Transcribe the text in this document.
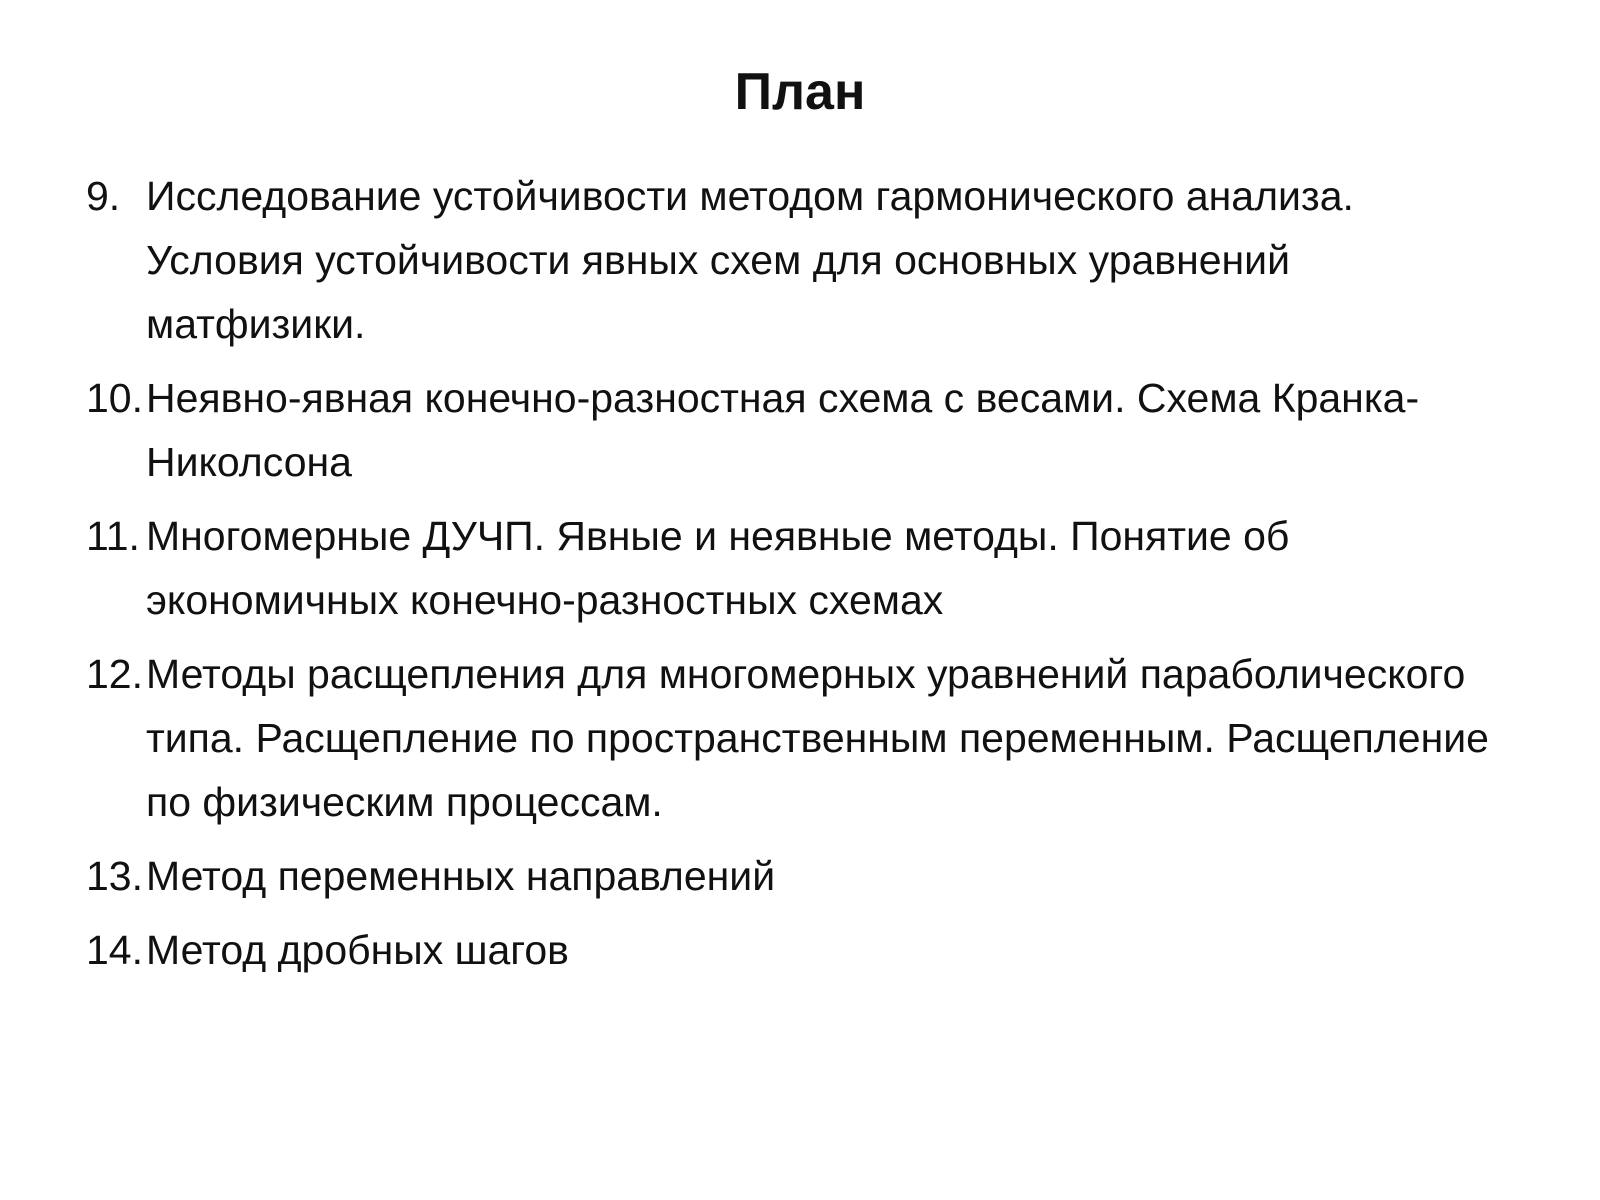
План
9. Исследование устойчивости методом гармонического анализа. Условия устойчивости явных схем для основных уравнений матфизики.
10. Неявно-явная конечно-разностная схема с весами. Схема Кранка-Николсона
11. Многомерные ДУЧП. Явные и неявные методы. Понятие об экономичных конечно-разностных схемах
12. Методы расщепления для многомерных уравнений параболического типа. Расщепление по пространственным переменным. Расщепление по физическим процессам.
13. Метод переменных направлений
14. Метод дробных шагов
